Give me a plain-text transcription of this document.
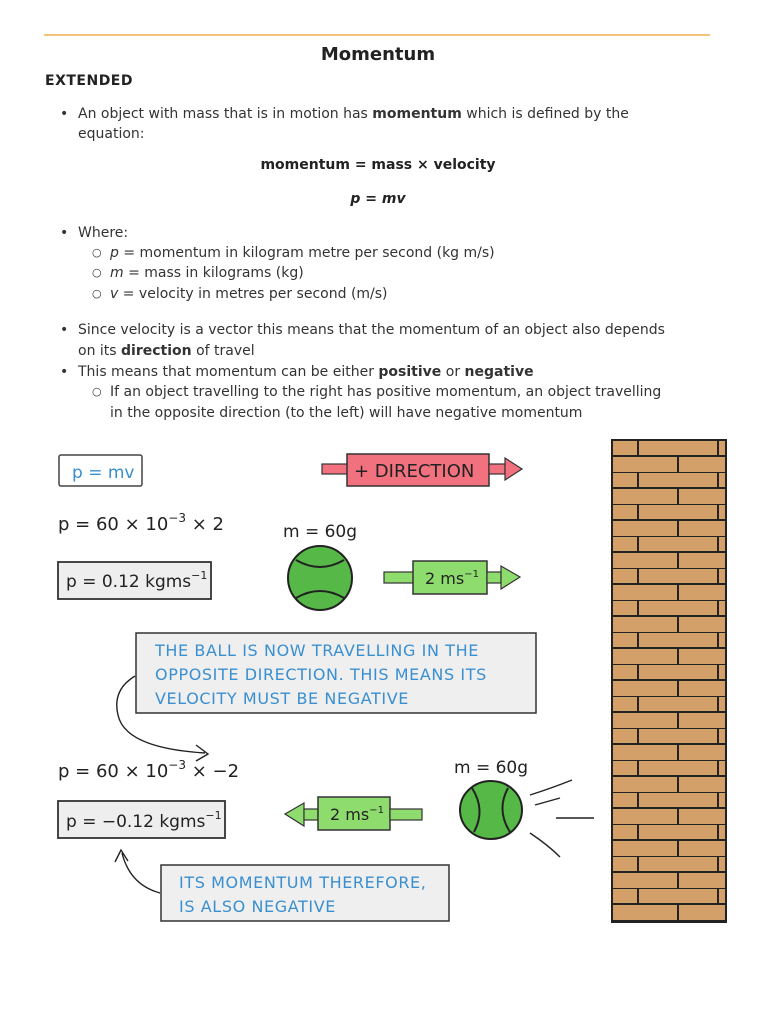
Momentum
EXTENDED
• An object with mass that is in motion has momentum which is defined by the
equation:
momentum = mass × velocity
p = mv
• Where:
○ p = momentum in kilogram metre per second (kg m/s)
○ m = mass in kilograms (kg)
○ v = velocity in metres per second (m/s)
• Since velocity is a vector this means that the momentum of an object also depends
on its direction of travel
• This means that momentum can be either positive or negative
○ If an object travelling to the right has positive momentum, an object travelling
in the opposite direction (to the left) will have negative momentum
p = mv	+ DIRECTION
$p = 60 \times 10^{-3} \times 2$	m = 60g
p = 0.12 kgms$^{-1}$	2 $ms^{-1}$
THE BALL IS NOW TRAVELLING IN THE
OPPOSITE DIRECTION. THIS MEANS ITS
VELOCITY MUST BE NEGATIVE
$p = 60 \times 10^{-3} \times -2$	m = 60g
p = −0.12 kgms$^{-1}$	2 $ms^{-1}$
ITS MOMENTUM THEREFORE,
IS ALSO NEGATIVE
